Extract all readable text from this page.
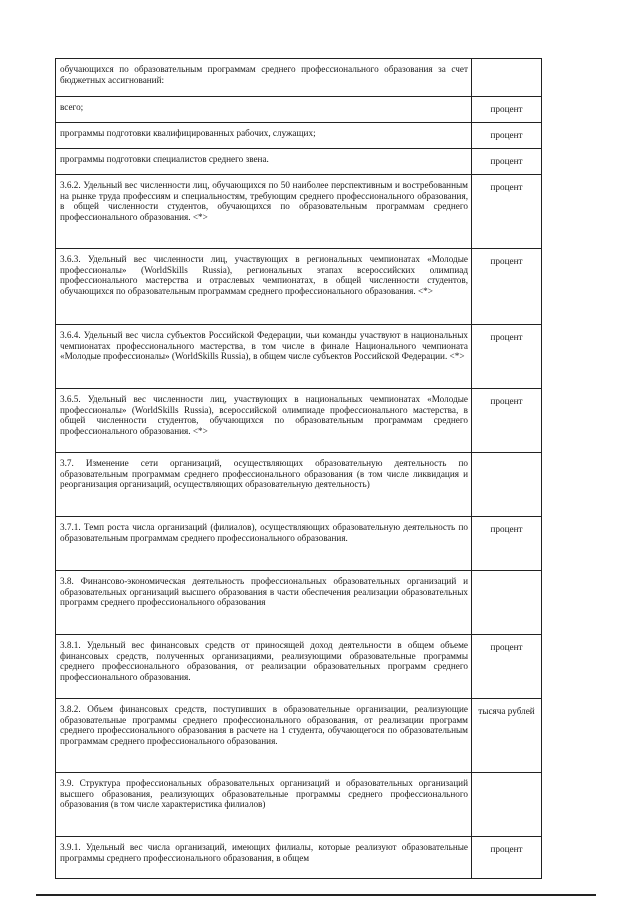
обучающихся по образовательным программам среднего профессионального образования за счет бюджетных ассигнований:	

всего;	процент

программы подготовки квалифицированных рабочих, служащих;	процент

программы подготовки специалистов среднего звена.	процент

3.6.2. Удельный вес численности лиц, обучающихся по 50 наиболее перспективным и востребованным на рынке труда профессиям и специальностям, требующим среднего профессионального образования, в общей численности студентов, обучающихся по образовательным программам среднего профессионального образования. <*>	процент

3.6.3. Удельный вес численности лиц, участвующих в региональных чемпионатах «Молодые профессионалы» (WorldSkills Russia), региональных этапах всероссийских олимпиад профессионального мастерства и отраслевых чемпионатах, в общей численности студентов, обучающихся по образовательным программам среднего профессионального образования. <*>	процент

3.6.4. Удельный вес числа субъектов Российской Федерации, чьи команды участвуют в национальных чемпионатах профессионального мастерства, в том числе в финале Национального чемпионата «Молодые профессионалы» (WorldSkills Russia), в общем числе субъектов Российской Федерации. <*>	процент

3.6.5. Удельный вес численности лиц, участвующих в национальных чемпионатах «Молодые профессионалы» (WorldSkills Russia), всероссийской олимпиаде профессионального мастерства, в общей численности студентов, обучающихся по образовательным программам среднего профессионального образования. <*>	процент

3.7. Изменение сети организаций, осуществляющих образовательную деятельность по образовательным программам среднего профессионального образования (в том числе ликвидация и реорганизация организаций, осуществляющих образовательную деятельность)	

3.7.1. Темп роста числа организаций (филиалов), осуществляющих образовательную деятельность по образовательным программам среднего профессионального образования.	процент

3.8. Финансово-экономическая деятельность профессиональных образовательных организаций и образовательных организаций высшего образования в части обеспечения реализации образовательных программ среднего профессионального образования	

3.8.1. Удельный вес финансовых средств от приносящей доход деятельности в общем объеме финансовых средств, полученных организациями, реализующими образовательные программы среднего профессионального образования, от реализации образовательных программ среднего профессионального образования.	процент

3.8.2. Объем финансовых средств, поступивших в образовательные организации, реализующие образовательные программы среднего профессионального образования, от реализации программ среднего профессионального образования в расчете на 1 студента, обучающегося по образовательным программам среднего профессионального образования.	тысяча рублей

3.9. Структура профессиональных образовательных организаций и образовательных организаций высшего образования, реализующих образовательные программы среднего профессионального образования (в том числе характеристика филиалов)	

3.9.1. Удельный вес числа организаций, имеющих филиалы, которые реализуют образовательные программы среднего профессионального образования, в общем	процент
